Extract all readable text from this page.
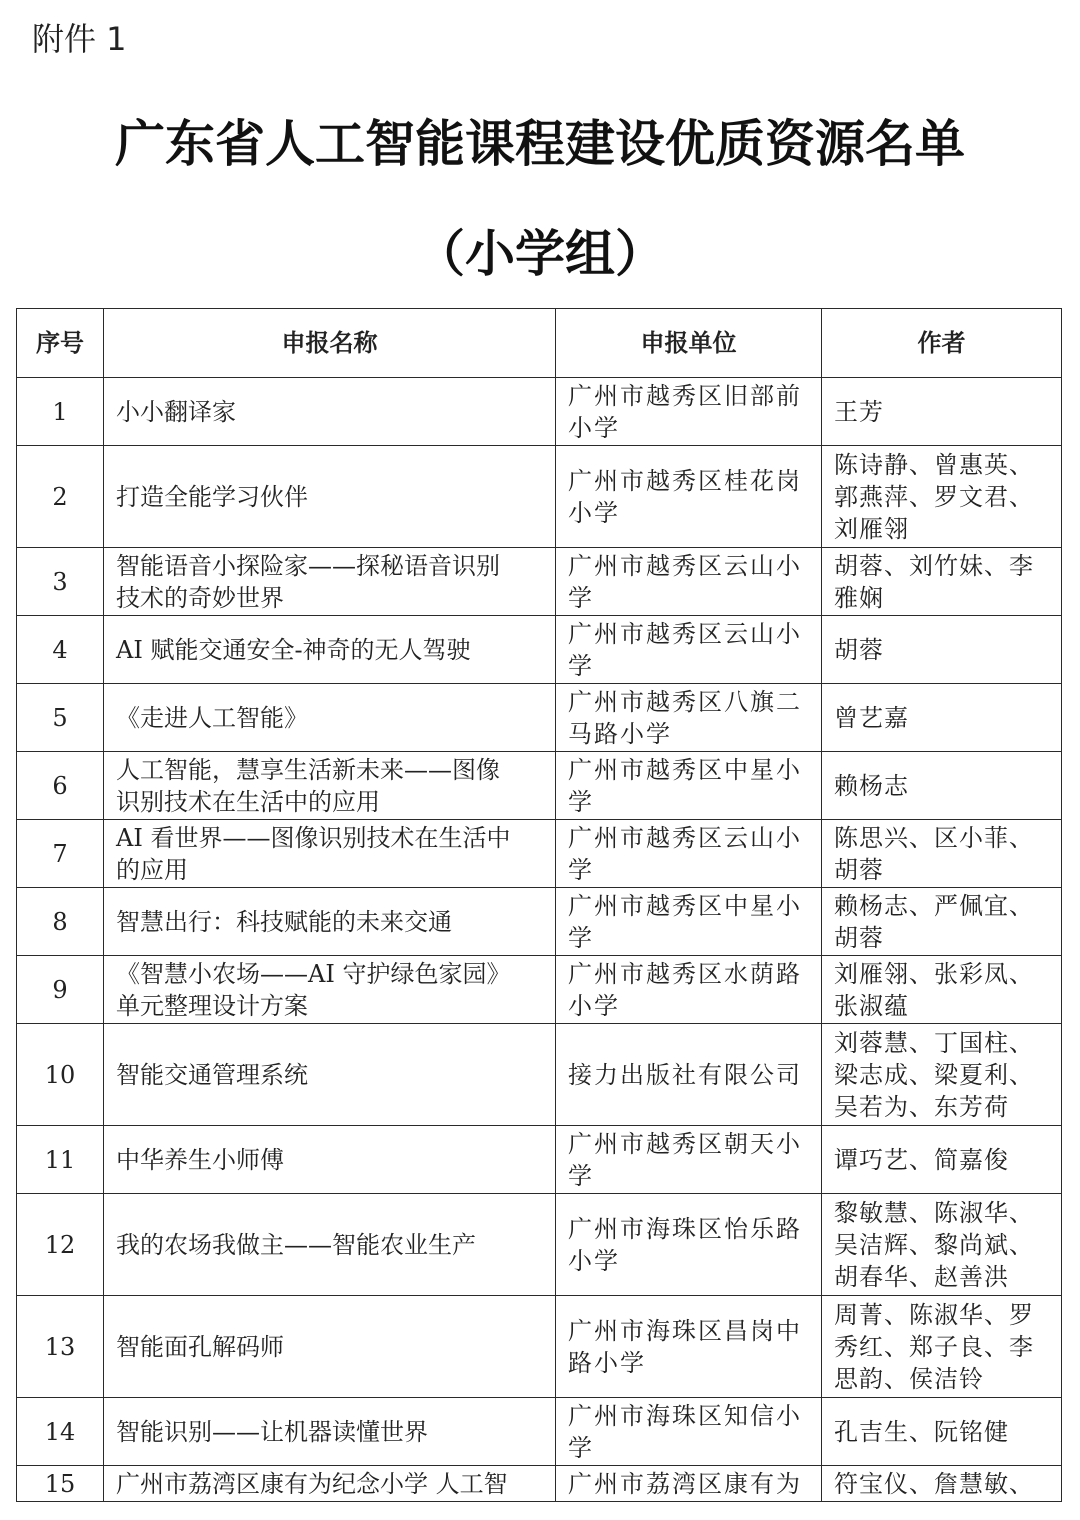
附件 1
广东省人工智能课程建设优质资源名单
（小学组）
序号	申报名称	申报单位	作者
1	小小翻译家	广州市越秀区旧部前
小学	王芳

2	打造全能学习伙伴	广州市越秀区桂花岗
小学	陈诗静、曾惠英、
郭燕萍、罗文君、
刘雁翎

3	智能语音小探险家——探秘语音识别
技术的奇妙世界	广州市越秀区云山小
学	胡蓉、刘竹妹、李
雅娴

4	AI 赋能交通安全-神奇的无人驾驶	广州市越秀区云山小
学	胡蓉

5	《走进人工智能》	广州市越秀区八旗二
马路小学	曾艺嘉

6	人工智能，慧享生活新未来——图像
识别技术在生活中的应用	广州市越秀区中星小
学	赖杨志

7	AI 看世界——图像识别技术在生活中
的应用	广州市越秀区云山小
学	陈思兴、区小菲、
胡蓉

8	智慧出行：科技赋能的未来交通	广州市越秀区中星小
学	赖杨志、严佩宜、
胡蓉

9	《智慧小农场——AI 守护绿色家园》
单元整理设计方案	广州市越秀区水荫路
小学	刘雁翎、张彩凤、
张淑蕴

10	智能交通管理系统	接力出版社有限公司	刘蓉慧、丁国柱、
梁志成、梁夏利、
吴若为、东芳荷

11	中华养生小师傅	广州市越秀区朝天小
学	谭巧艺、简嘉俊

12	我的农场我做主——智能农业生产	广州市海珠区怡乐路
小学	黎敏慧、陈淑华、
吴洁辉、黎尚斌、
胡春华、赵善洪

13	智能面孔解码师	广州市海珠区昌岗中
路小学	周菁、陈淑华、罗
秀红、郑子良、李
思韵、侯洁铃

14	智能识别——让机器读懂世界	广州市海珠区知信小
学	孔吉生、阮铭健

15	广州市荔湾区康有为纪念小学 人工智	广州市荔湾区康有为	符宝仪、詹慧敏、
